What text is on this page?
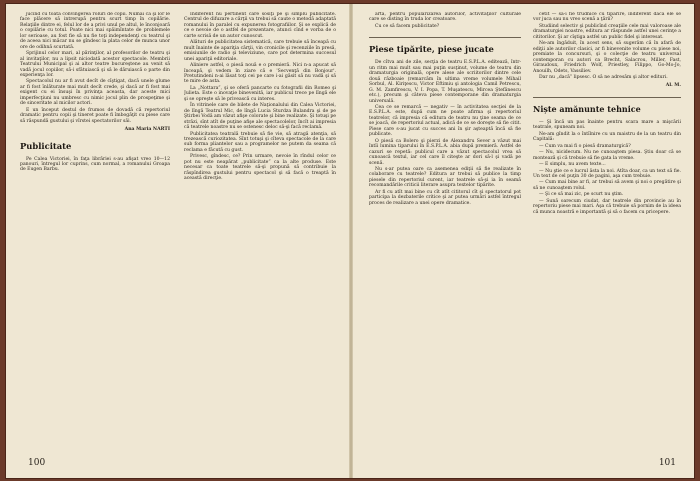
jucînd cu toată convingerea roluri de copii. Numai că şi lor le face plăcere să intrerupă pentru scurt timp în copilărie. Relaţiile dintre ei, felul lor de a privi unul pe altul, le înconjoară o copilărie cu totul. Poate nici mai spăimîntate de problemele lor serioase, au fost fie să nu fie toţi independenţi cu teatrul şi de aceea nici măcar nu se gîndesc la plata celor de munca unor ore de odihnă scurtată.

Sprijinul celor mari, al părinţilor, al profesorilor de teatru şi al invitaţilor, nu a lipsit niciodată acestor spectacole. Membrii Teatrului Municipal şi ai altor teatre bucureştene au venit să vadă jocul copiilor, să-i sfătuiască şi să le dăruiască o parte din experienţa lor.

Spectacolul nu ar fi avut decît de cîştigat, dacă unele glume ar fi fost înlăturate mai mult decît crede, şi dacă ar fi fost mai exigent cu ei însuşi în privinţa aceasta, dar aceste mici imperfecţiuni nu umbresc cu nimic jocul plin de prospeţime şi de sinceritate al micilor actori.

E un început destul de frumos de dovadă că repertoriul dramatic pentru copii şi tineret poate fi îmbogăţit cu piese care să răspundă gustului şi vîrstei spectatorilor săi.

Ana Maria NARTI

Publicitate

Pe Calea Victoriei, în faţa librăriei s-au afişat vreo 10—12 panouri, întregul lor cuprins, cum normal, a romanului Groapa de Eugen Barbu.

Indiferent nu pertinent care sosiţi pe şi simplu publicitate. Centrul de difuzare a cărţii va trebui să caute o metodă adaptată romanului în paralel cu expunerea fotografiilor. Şi se explică de ce e nevoie de o astfel de prezentare, atunci cînd e vorba de o carte scrisă de un autor cunoscut.

Alături de publicitatea sistematică, care trebuie să înceapă cu mult înainte de apariţia cărţii, vin cronicile şi recenziile în presă, emisiunile de radio şi televiziune, care pot determina succesul unei apariţii editoriale.

Aliniere astfel, o piesă nouă e o premieră. Nici n-a apucat să înceapă, şi vedem în ziare că e 'Secvenţă din Bonjour'. Pretutindeni n-ai lăsat toţi cei pe care i-ai găsit să nu vadă şi să te mire de asta.

La „Nottara”, şi se oferă pancarte cu fotografii din Romeo şi Julieta. Este o inovaţie binevenită, iar publicul trece pe lîngă ele şi se opreşte să le privească cu interes.

În vitrinele care de bilete de Naţionalului din Calea Victoriei, de lîngă Teatrul Mic, de lîngă Lucia Sturdza Bulandra şi de pe Ştirbei Vodă am văzut afişe colorate şi bine realizate. Şi totuşi pe străzi, sînt atît de puţine afişe ale spectacolelor, încît ai impresia că teatrele noastre nu se ostenesc deloc să-şi facă reclamă.

Publicitatea teatrală trebuie să fie vie, să atragă atenţia, să trezească curiozitatea. Sînt totuşi şi cîteva spectacole de la care sub forma pliantelor sau a programelor ne putem da seama că reclama e făcută cu gust.

Privesc, gîndesc, ce? Prin urmare, nevoie în rîndul celor ce pot nu este neapărat „publicitate” ca la alte produse. Este necesar ca toate teatrele să-şi propună să contribuie la răspîndirea gustului pentru spectacol şi să facă o treaptă în această direcţie.

100

arta, pentru popularizarea autorilor, activităţilor culturale care se disting în truda lor creatoare.

Cu ce să facem publicitate?

Piese tipărite, piese jucate

De cîtva ani de zile, secţia de teatru E.S.P.L.A. editează, într-un ritm mai mult sau mai puţin susţinut, volume de teatru din dramaturgia originală, opere alese ale scriitorilor dintre cele două războaie (remarcăm în ultima vreme volumele Mihail Sorbul, Al. Kiriţescu, Victor Eftimiu şi antologia Camil Petrescu, G. M. Zamfirescu, V. I. Popa, T. Muşatescu, Mircea Ştefănescu etc.), precum şi câteva piese contemporane din dramaturgia universală.

Cea ce se remarcă — negativ — în activitatea secţiei de la E.S.P.L.A. este, după cum ne poate afirma şi repertoriul teatrelor, că impresia că editura de teatru nu ţine seama de ce se joacă, de repertoriul actual, adică de ce se doreşte să fie citit. Piese care s-au jucat cu succes ani în şir aşteaptă încă să fie publicate.

O piesă ca Bolero şi pierzi de Alexandru Sever a văzut mai întîi lumina tiparului în E.S.P.L.A. abia după premieră. Astfel de cazuri se repetă: publicul care a văzut spectacolul vrea să cunoască textul, iar cel care îl citeşte ar dori să-l şi vadă pe scenă.

Nu s-ar putea oare ca asemenea ediţii să fie realizate în colaborare cu teatrele? Editura ar trebui să publice la timp piesele din repertoriul curent, iar teatrele să-şi ia în seamă recomandările criticii literare asupra textelor tipărite.

Ar fi cu atît mai bine cu cît atît cititorul cît şi spectatorul pot participa la dezbaterile critice şi ar putea urmări astfel întregul proces de realizare a unei opere dramatice.

cetit — să-i fie trudnice cu tiparire, indiferent dacă ele se vor juca sau nu vreo scenă a ţării?

Studiind selectiv şi publicînd creaţiile cele mai valoroase ale dramaturgiei noastre, editura ar răspunde astfel unei cerinţe a cititorilor. Şi ar cîştiga astfel un public fidel şi interesat.

Ne-am îngăduit, în acest sens, să sugerăm că în afară de ediţii ale autorilor clasici, ar fi binevenite volume cu piese noi, premiate la concursuri, şi o colecţie de teatru universal contemporan cu autori ca Brecht, Salacrou, Miller, Fast, Giraudoux, Friedrich Wolf, Priestley, Filippo, Go-Mo-Jo, Anouilh, Odets, Vassiliev.

Dar nu „dacă” lipsesc. O să ne adresăm şi altor edituri.

Al. M.

Niște amănunte tehnice

— Şi încă un pas înainte pentru scara mare a mişcării teatrale, spuneam noi.

Ne-am gîndit la o întîlnire cu un maistru de la un teatru din Capitală:

— Cum va mai fi o piesă dramaturgică?

— Nu, nicidecum. Nu ne cunoaştem piesa. Ştiu doar că se montează şi că trebuie să fie gata la vreme.

— E simplu, nu avem texte...

— Nu ştie ce e lucrul ăsta la noi. Atîta doar, ca un text să fie. Un text de cel puţin 30 de pagini, aşa cum trebuie.

— Cum mai bine ar fi, ar trebui să avem şi noi o pregătire şi să ne cunoaştem rolul.

— Şi ce să mai zic, pe scurt nu ştim.

— Sună oarecum ciudat, dar teatrele din provincie au în repertoriu piese mai mari. Aşa că trebuie să pornim de la ideea că munca noastră e importantă şi să o facem cu pricepere.

101
